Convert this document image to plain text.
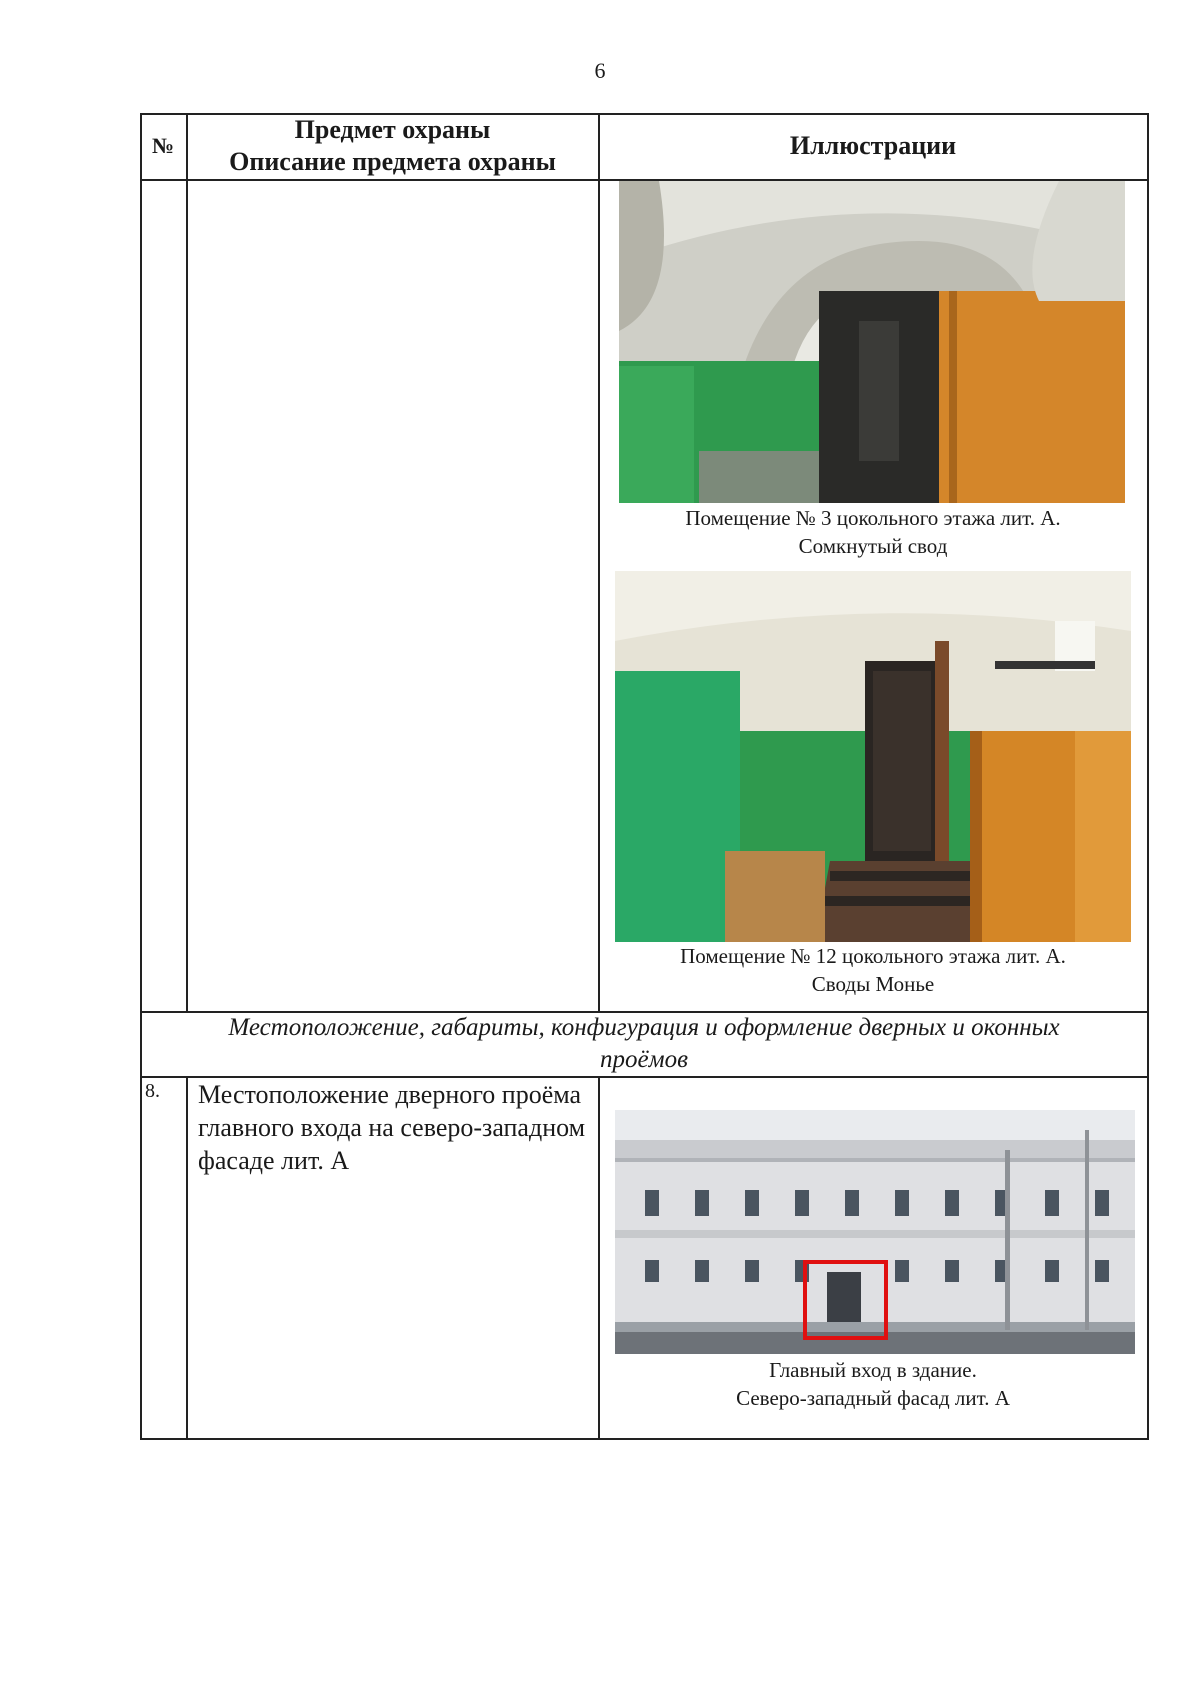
6
№
Предмет охраны
Описание предмета охраны
Иллюстрации
Помещение № 3 цокольного этажа лит. А.
Сомкнутый свод
Помещение № 12 цокольного этажа лит. А.
Своды Монье
Местоположение, габариты, конфигурация и оформление дверных и оконных
проёмов
8. Местоположение дверного проёма главного входа на северо-западном фасаде лит. А
Главный вход в здание.
Северо-западный фасад лит. А
